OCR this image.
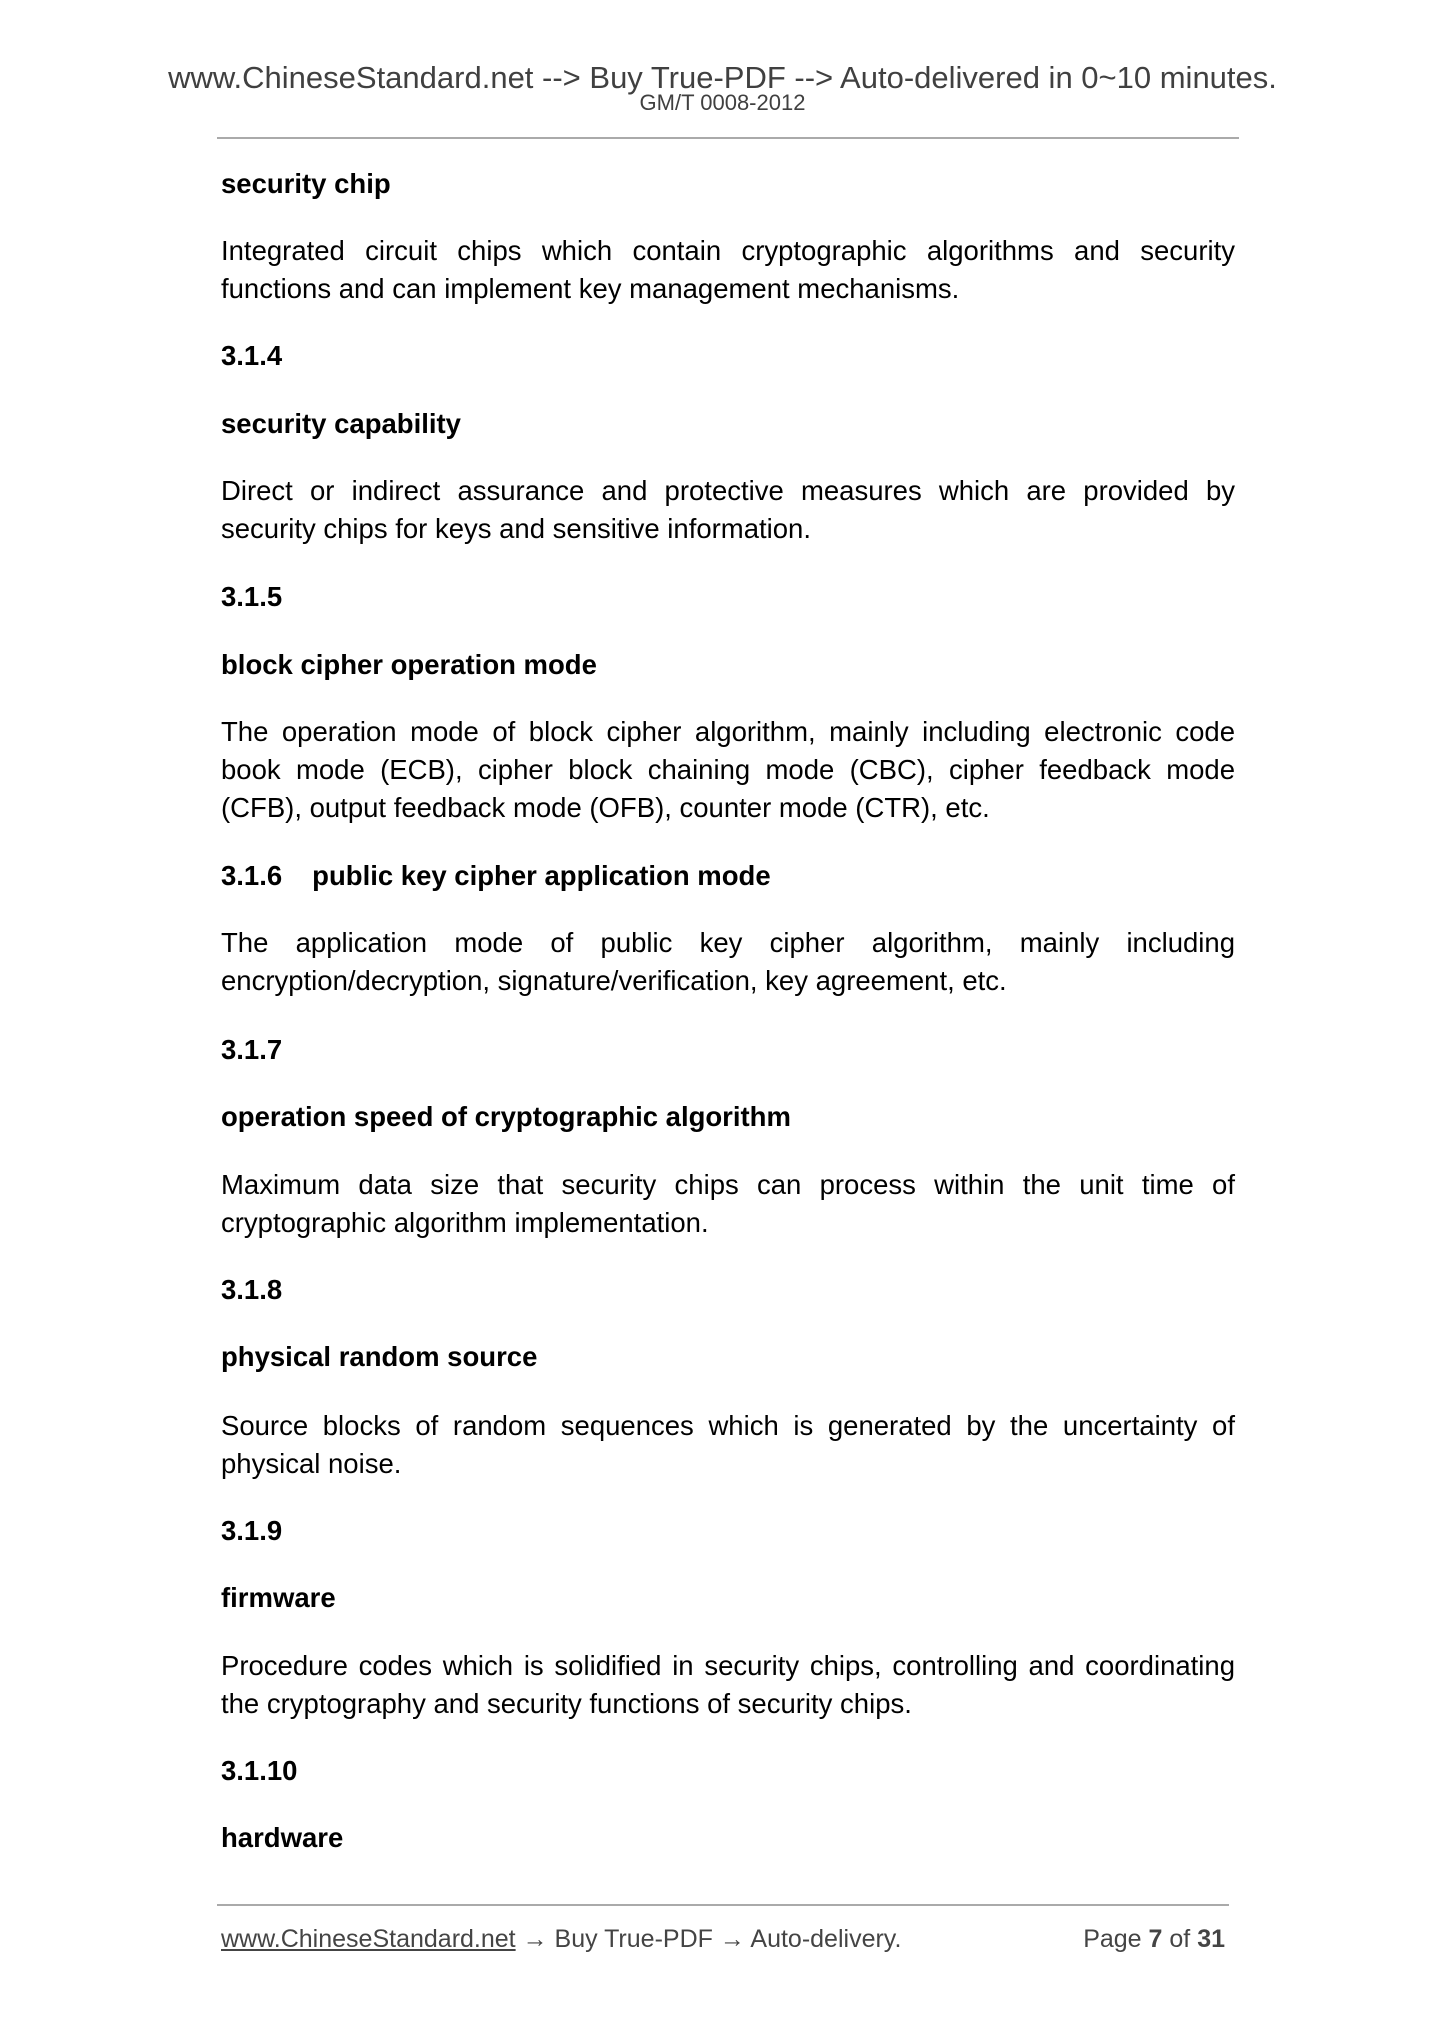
www.ChineseStandard.net --> Buy True-PDF --> Auto-delivered in 0~10 minutes.
GM/T 0008-2012
security chip
Integrated circuit chips which contain cryptographic algorithms and security functions and can implement key management mechanisms.
3.1.4
security capability
Direct or indirect assurance and protective measures which are provided by security chips for keys and sensitive information.
3.1.5
block cipher operation mode
The operation mode of block cipher algorithm, mainly including electronic code book mode (ECB), cipher block chaining mode (CBC), cipher feedback mode (CFB), output feedback mode (OFB), counter mode (CTR), etc.
3.1.6 public key cipher application mode
The application mode of public key cipher algorithm, mainly including encryption/decryption, signature/verification, key agreement, etc.
3.1.7
operation speed of cryptographic algorithm
Maximum data size that security chips can process within the unit time of cryptographic algorithm implementation.
3.1.8
physical random source
Source blocks of random sequences which is generated by the uncertainty of physical noise.
3.1.9
firmware
Procedure codes which is solidified in security chips, controlling and coordinating the cryptography and security functions of security chips.
3.1.10
hardware
www.ChineseStandard.net → Buy True-PDF → Auto-delivery.	Page 7 of 31
